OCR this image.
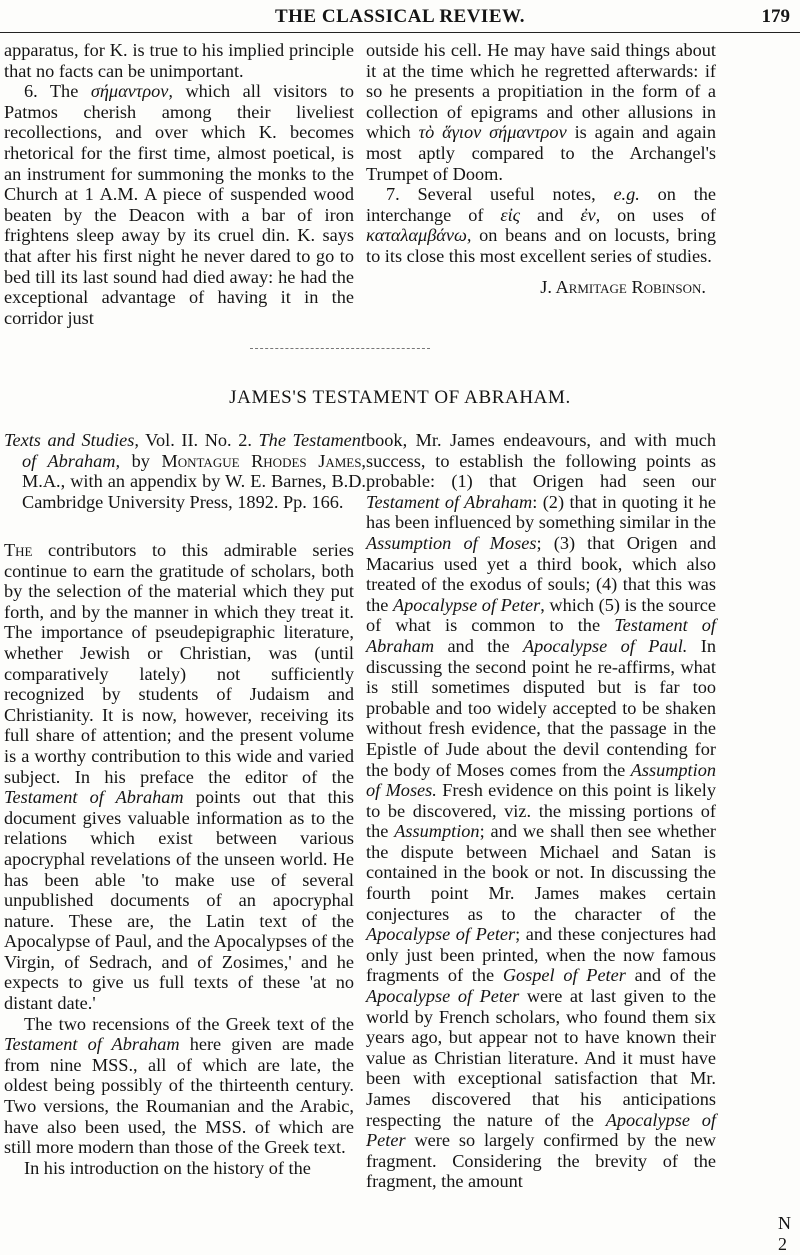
THE CLASSICAL REVIEW.	179

apparatus, for K. is true to his implied principle that no facts can be unimportant.

6. The σήμαντρον, which all visitors to Patmos cherish among their liveliest recollections, and over which K. becomes rhetorical for the first time, almost poetical, is an instrument for summoning the monks to the Church at 1 A.M. A piece of suspended wood beaten by the Deacon with a bar of iron frightens sleep away by its cruel din. K. says that after his first night he never dared to go to bed till its last sound had died away: he had the exceptional advantage of having it in the corridor just

outside his cell. He may have said things about it at the time which he regretted afterwards: if so he presents a propitiation in the form of a collection of epigrams and other allusions in which τὸ ἅγιον σήμαντρον is again and again most aptly compared to the Archangel's Trumpet of Doom.

7. Several useful notes, e.g. on the interchange of εἰς and ἐν, on uses of καταλαμβάνω, on beans and on locusts, bring to its close this most excellent series of studies.

J. Armitage Robinson.

JAMES'S TESTAMENT OF ABRAHAM.
Texts and Studies, Vol. II. No. 2. The Testament of Abraham, by Montague Rhodes James, M.A., with an appendix by W. E. Barnes, B.D. Cambridge University Press, 1892. Pp. 166.

The contributors to this admirable series continue to earn the gratitude of scholars, both by the selection of the material which they put forth, and by the manner in which they treat it. The importance of pseudepigraphic literature, whether Jewish or Christian, was (until comparatively lately) not sufficiently recognized by students of Judaism and Christianity. It is now, however, receiving its full share of attention; and the present volume is a worthy contribution to this wide and varied subject. In his preface the editor of the Testament of Abraham points out that this document gives valuable information as to the relations which exist between various apocryphal revelations of the unseen world. He has been able 'to make use of several unpublished documents of an apocryphal nature. These are, the Latin text of the Apocalypse of Paul, and the Apocalypses of the Virgin, of Sedrach, and of Zosimes,' and he expects to give us full texts of these 'at no distant date.'

The two recensions of the Greek text of the Testament of Abraham here given are made from nine MSS., all of which are late, the oldest being possibly of the thirteenth century. Two versions, the Roumanian and the Arabic, have also been used, the MSS. of which are still more modern than those of the Greek text.

In his introduction on the history of the

book, Mr. James endeavours, and with much success, to establish the following points as probable: (1) that Origen had seen our Testament of Abraham: (2) that in quoting it he has been influenced by something similar in the Assumption of Moses; (3) that Origen and Macarius used yet a third book, which also treated of the exodus of souls; (4) that this was the Apocalypse of Peter, which (5) is the source of what is common to the Testament of Abraham and the Apocalypse of Paul. In discussing the second point he re-affirms, what is still sometimes disputed but is far too probable and too widely accepted to be shaken without fresh evidence, that the passage in the Epistle of Jude about the devil contending for the body of Moses comes from the Assumption of Moses. Fresh evidence on this point is likely to be discovered, viz. the missing portions of the Assumption; and we shall then see whether the dispute between Michael and Satan is contained in the book or not. In discussing the fourth point Mr. James makes certain conjectures as to the character of the Apocalypse of Peter; and these conjectures had only just been printed, when the now famous fragments of the Gospel of Peter and of the Apocalypse of Peter were at last given to the world by French scholars, who found them six years ago, but appear not to have known their value as Christian literature. And it must have been with exceptional satisfaction that Mr. James discovered that his anticipations respecting the nature of the Apocalypse of Peter were so largely confirmed by the new fragment. Considering the brevity of the fragment, the amount

N 2
